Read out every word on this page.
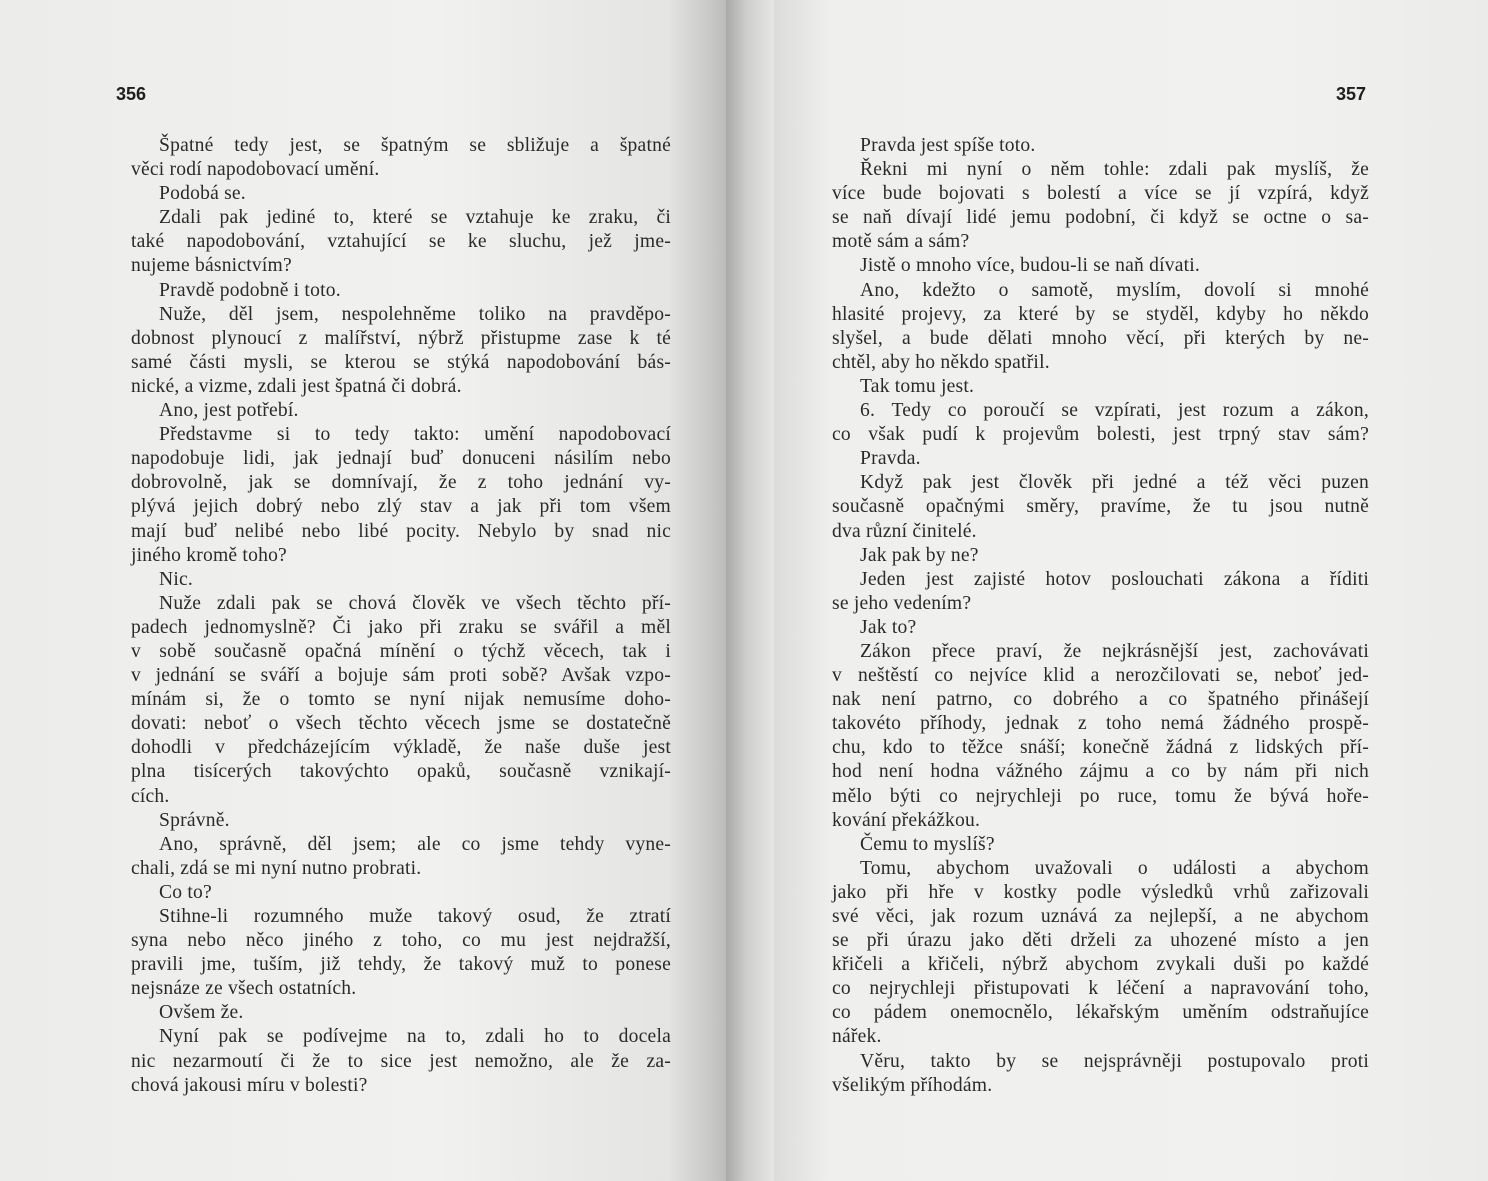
356
Špatné tedy jest, se špatným se sbližuje a špatné
věci rodí napodobovací umění.
Podobá se.
Zdali pak jediné to, které se vztahuje ke zraku, či
také napodobování, vztahující se ke sluchu, jež jme-
nujeme básnictvím?
Pravdě podobně i toto.
Nuže, děl jsem, nespolehněme toliko na pravděpo-
dobnost plynoucí z malířství, nýbrž přistupme zase k té
samé části mysli, se kterou se stýká napodobování bás-
nické, a vizme, zdali jest špatná či dobrá.
Ano, jest potřebí.
Představme si to tedy takto: umění napodobovací
napodobuje lidi, jak jednají buď donuceni násilím nebo
dobrovolně, jak se domnívají, že z toho jednání vy-
plývá jejich dobrý nebo zlý stav a jak při tom všem
mají buď nelibé nebo libé pocity. Nebylo by snad nic
jiného kromě toho?
Nic.
Nuže zdali pak se chová člověk ve všech těchto pří-
padech jednomyslně? Či jako při zraku se svářil a měl
v sobě současně opačná mínění o týchž věcech, tak i
v jednání se sváří a bojuje sám proti sobě? Avšak vzpo-
mínám si, že o tomto se nyní nijak nemusíme doho-
dovati: neboť o všech těchto věcech jsme se dostatečně
dohodli v předcházejícím výkladě, že naše duše jest
plna tisícerých takovýchto opaků, současně vznikají-
cích.
Správně.
Ano, správně, děl jsem; ale co jsme tehdy vyne-
chali, zdá se mi nyní nutno probrati.
Co to?
Stihne-li rozumného muže takový osud, že ztratí
syna nebo něco jiného z toho, co mu jest nejdražší,
pravili jme, tuším, již tehdy, že takový muž to ponese
nejsnáze ze všech ostatních.
Ovšem že.
Nyní pak se podívejme na to, zdali ho to docela
nic nezarmoutí či že to sice jest nemožno, ale že za-
chová jakousi míru v bolesti?
357
Pravda jest spíše toto.
Řekni mi nyní o něm tohle: zdali pak myslíš, že
více bude bojovati s bolestí a více se jí vzpírá, když
se naň dívají lidé jemu podobní, či když se octne o sa-
motě sám a sám?
Jistě o mnoho více, budou-li se naň dívati.
Ano, kdežto o samotě, myslím, dovolí si mnohé
hlasité projevy, za které by se styděl, kdyby ho někdo
slyšel, a bude dělati mnoho věcí, při kterých by ne-
chtěl, aby ho někdo spatřil.
Tak tomu jest.
6. Tedy co poroučí se vzpírati, jest rozum a zákon,
co však pudí k projevům bolesti, jest trpný stav sám?
Pravda.
Když pak jest člověk při jedné a též věci puzen
současně opačnými směry, pravíme, že tu jsou nutně
dva různí činitelé.
Jak pak by ne?
Jeden jest zajisté hotov poslouchati zákona a říditi
se jeho vedením?
Jak to?
Zákon přece praví, že nejkrásnější jest, zachovávati
v neštěstí co nejvíce klid a nerozčilovati se, neboť jed-
nak není patrno, co dobrého a co špatného přinášejí
takovéto příhody, jednak z toho nemá žádného prospě-
chu, kdo to těžce snáší; konečně žádná z lidských pří-
hod není hodna vážného zájmu a co by nám při nich
mělo býti co nejrychleji po ruce, tomu že bývá hoře-
kování překážkou.
Čemu to myslíš?
Tomu, abychom uvažovali o události a abychom
jako při hře v kostky podle výsledků vrhů zařizovali
své věci, jak rozum uznává za nejlepší, a ne abychom
se při úrazu jako děti drželi za uhozené místo a jen
křičeli a křičeli, nýbrž abychom zvykali duši po každé
co nejrychleji přistupovati k léčení a napravování toho,
co pádem onemocnělo, lékařským uměním odstraňujíce
nářek.
Věru, takto by se nejsprávněji postupovalo proti
všelikým příhodám.
